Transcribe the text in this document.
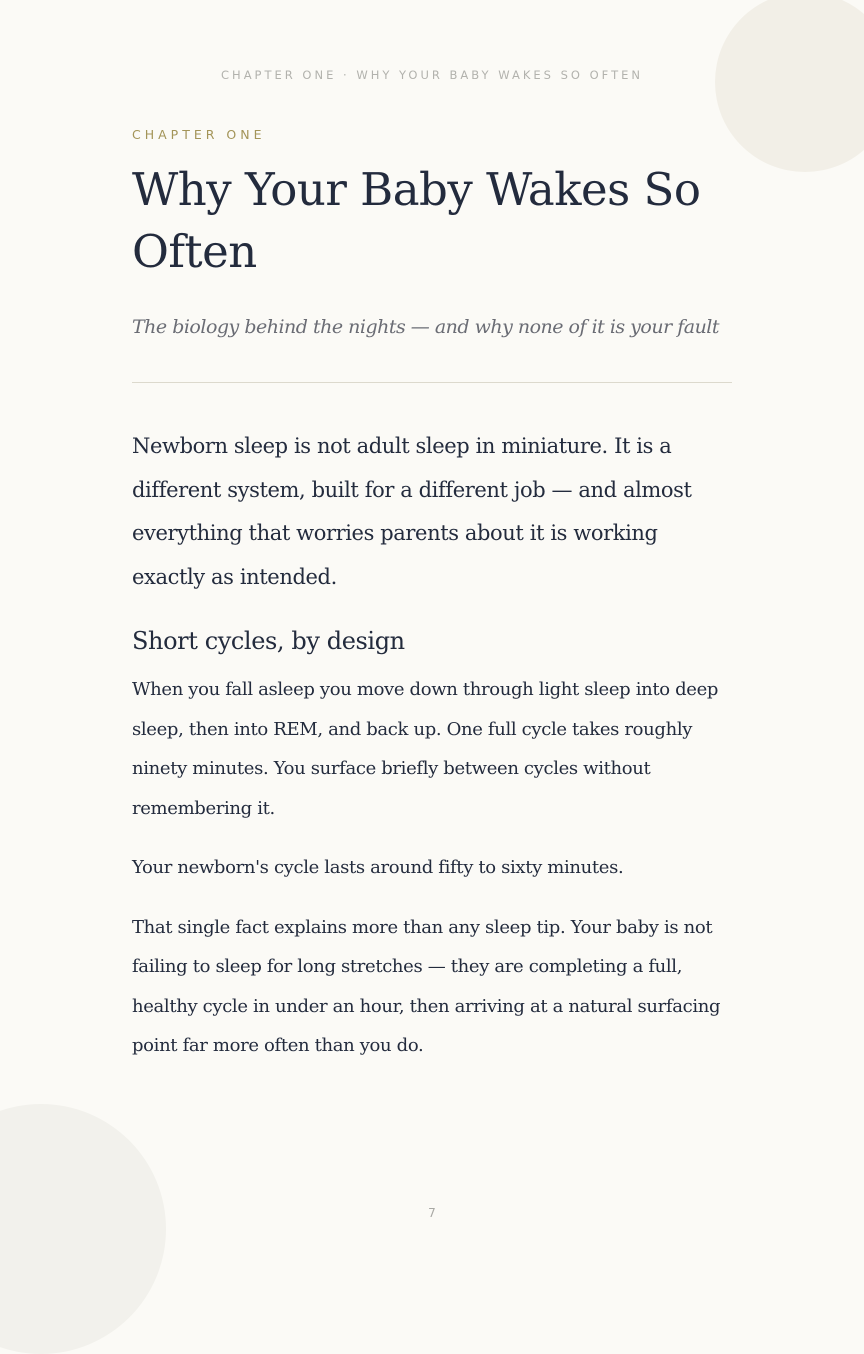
CHAPTER ONE · WHY YOUR BABY WAKES SO OFTEN
CHAPTER ONE
Why Your Baby Wakes So Often

The biology behind the nights — and why none of it is your fault

Newborn sleep is not adult sleep in miniature. It is a different system, built for a different job — and almost everything that worries parents about it is working exactly as intended.

Short cycles, by design

When you fall asleep you move down through light sleep into deep sleep, then into REM, and back up. One full cycle takes roughly ninety minutes. You surface briefly between cycles without remembering it.

Your newborn's cycle lasts around fifty to sixty minutes.

That single fact explains more than any sleep tip. Your baby is not failing to sleep for long stretches — they are completing a full, healthy cycle in under an hour, then arriving at a natural surfacing point far more often than you do.

7
